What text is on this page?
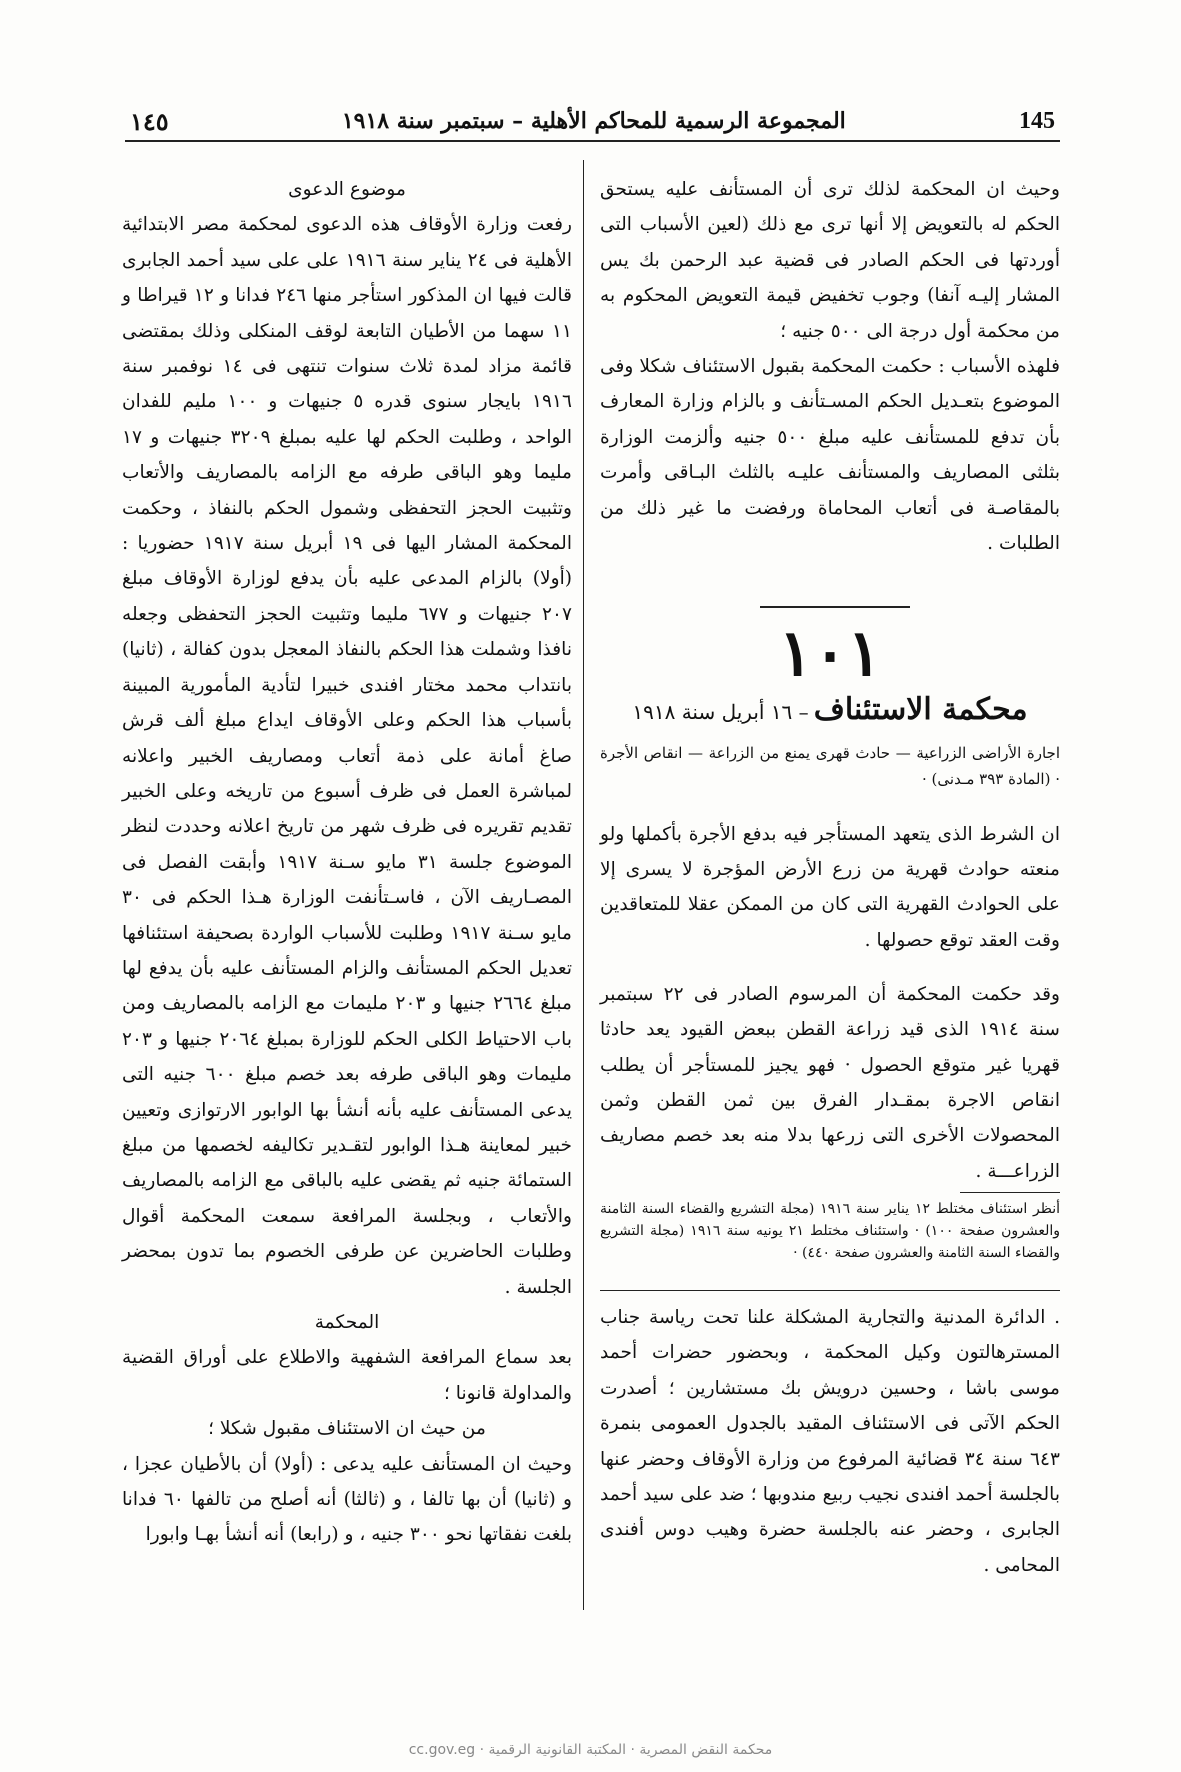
١٤٥	المجموعة الرسمية للمحاكم الأهلية – سبتمبر سنة ١٩١٨	145

وحيث ان المحكمة لذلك ترى أن المستأنف عليه يستحق الحكم له بالتعويض إلا أنها ترى مع ذلك (لعين الأسباب التى أوردتها فى الحكم الصادر فى قضية عبد الرحمن بك يس المشار إليـه آنفا) وجوب تخفيض قيمة التعويض المحكوم به من محكمة أول درجة الى ٥٠٠ جنيه ؛

فلهذه الأسباب : حكمت المحكمة بقبول الاستئناف شكلا وفى الموضوع بتعـديل الحكم المسـتأنف و بالزام وزارة المعارف بأن تدفع للمستأنف عليه مبلغ ٥٠٠ جنيه وألزمت الوزارة بثلثى المصاريف والمستأنف عليـه بالثلث البـاقى وأمرت بالمقاصـة فى أتعاب المحاماة ورفضت ما غير ذلك من الطلبات .

١٠١
محكمة الاستئناف – ١٦ أبريل سنة ١٩١٨
اجارة الأراضى الزراعية — حادث قهرى يمنع من الزراعة — انقاص الأجرة · (المادة ٣٩٣ مـدنى) ·

ان الشرط الذى يتعهد المستأجر فيه بدفع الأجرة بأكملها ولو منعته حوادث قهرية من زرع الأرض المؤجرة لا يسرى إلا على الحوادث القهرية التى كان من الممكن عقلا للمتعاقدين وقت العقد توقع حصولها .

وقد حكمت المحكمة أن المرسوم الصادر فى ٢٢ سبتمبر سنة ١٩١٤ الذى قيد زراعة القطن ببعض القيود يعد حادثا قهريا غير متوقع الحصول · فهو يجيز للمستأجر أن يطلب انقاص الاجرة بمقـدار الفرق بين ثمن القطن وثمن المحصولات الأخرى التى زرعها بدلا منه بعد خصم مصاريف الزراعـــة .

أنظر استئناف مختلط ١٢ يناير سنة ١٩١٦ (مجلة التشريع والقضاء السنة الثامنة والعشرون صفحة ١٠٠) · واستئناف مختلط ٢١ يونيه سنة ١٩١٦ (مجلة التشريع والقضاء السنة الثامنة والعشرون صفحة ٤٤٠) ·
. الدائرة المدنية والتجارية المشكلة علنا تحت رياسة جناب المسترهالتون وكيل المحكمة ، وبحضور حضرات أحمد موسى باشا ، وحسين درويش بك مستشارين ؛ أصدرت الحكم الآتى فى الاستئناف المقيد بالجدول العمومى بنمرة ٦٤٣ سنة ٣٤ قضائية المرفوع من وزارة الأوقاف وحضر عنها بالجلسة أحمد افندى نجيب ربيع مندوبها ؛ ضد على سيد أحمد الجابرى ، وحضر عنه بالجلسة حضرة وهيب دوس أفندى المحامى .

موضوع الدعوى

رفعت وزارة الأوقاف هذه الدعوى لمحكمة مصر الابتدائية الأهلية فى ٢٤ يناير سنة ١٩١٦ على على سيد أحمد الجابرى قالت فيها ان المذكور استأجر منها ٢٤٦ فدانا و ١٢ قيراطا و ١١ سهما من الأطيان التابعة لوقف المنكلى وذلك بمقتضى قائمة مزاد لمدة ثلاث سنوات تنتهى فى ١٤ نوفمبر سنة ١٩١٦ بايجار سنوى قدره ٥ جنيهات و ١٠٠ مليم للفدان الواحد ، وطلبت الحكم لها عليه بمبلغ ٣٢٠٩ جنيهات و ١٧ مليما وهو الباقى طرفه مع الزامه بالمصاريف والأتعاب وتثبيت الحجز التحفظى وشمول الحكم بالنفاذ ، وحكمت المحكمة المشار اليها فى ١٩ أبريل سنة ١٩١٧ حضوريا : (أولا) بالزام المدعى عليه بأن يدفع لوزارة الأوقاف مبلغ ٢٠٧ جنيهات و ٦٧٧ مليما وتثبيت الحجز التحفظى وجعله نافذا وشملت هذا الحكم بالنفاذ المعجل بدون كفالة ، (ثانيا) بانتداب محمد مختار افندى خبيرا لتأدية المأمورية المبينة بأسباب هذا الحكم وعلى الأوقاف ايداع مبلغ ألف قرش صاغ أمانة على ذمة أتعاب ومصاريف الخبير واعلانه لمباشرة العمل فى ظرف أسبوع من تاريخه وعلى الخبير تقديم تقريره فى ظرف شهر من تاريخ اعلانه وحددت لنظر الموضوع جلسة ٣١ مايو سـنة ١٩١٧ وأبقت الفصل فى المصـاريف الآن ، فاسـتأنفت الوزارة هـذا الحكم فى ٣٠ مايو سـنة ١٩١٧ وطلبت للأسباب الواردة بصحيفة استئنافها تعديل الحكم المستأنف والزام المستأنف عليه بأن يدفع لها مبلغ ٢٦٦٤ جنيها و ٢٠٣ مليمات مع الزامه بالمصاريف ومن باب الاحتياط الكلى الحكم للوزارة بمبلغ ٢٠٦٤ جنيها و ٢٠٣ مليمات وهو الباقى طرفه بعد خصم مبلغ ٦٠٠ جنيه التى يدعى المستأنف عليه بأنه أنشأ بها الوابور الارتوازى وتعيين خبير لمعاينة هـذا الوابور لتقـدير تكاليفه لخصمها من مبلغ الستمائة جنيه ثم يقضى عليه بالباقى مع الزامه بالمصاريف والأتعاب ، وبجلسة المرافعة سمعت المحكمة أقوال وطلبات الحاضرين عن طرفى الخصوم بما تدون بمحضر الجلسة .

المحكمة

بعد سماع المرافعة الشفهية والاطلاع على أوراق القضية والمداولة قانونا ؛

من حيث ان الاستئناف مقبول شكلا ؛

وحيث ان المستأنف عليه يدعى : (أولا) أن بالأطيان عجزا ، و (ثانيا) أن بها تالفا ، و (ثالثا) أنه أصلح من تالفها ٦٠ فدانا بلغت نفقاتها نحو ٣٠٠ جنيه ، و (رابعا) أنه أنشأ بهـا وابورا

cc.gov.eg · محكمة النقض المصرية · المكتبة القانونية الرقمية
